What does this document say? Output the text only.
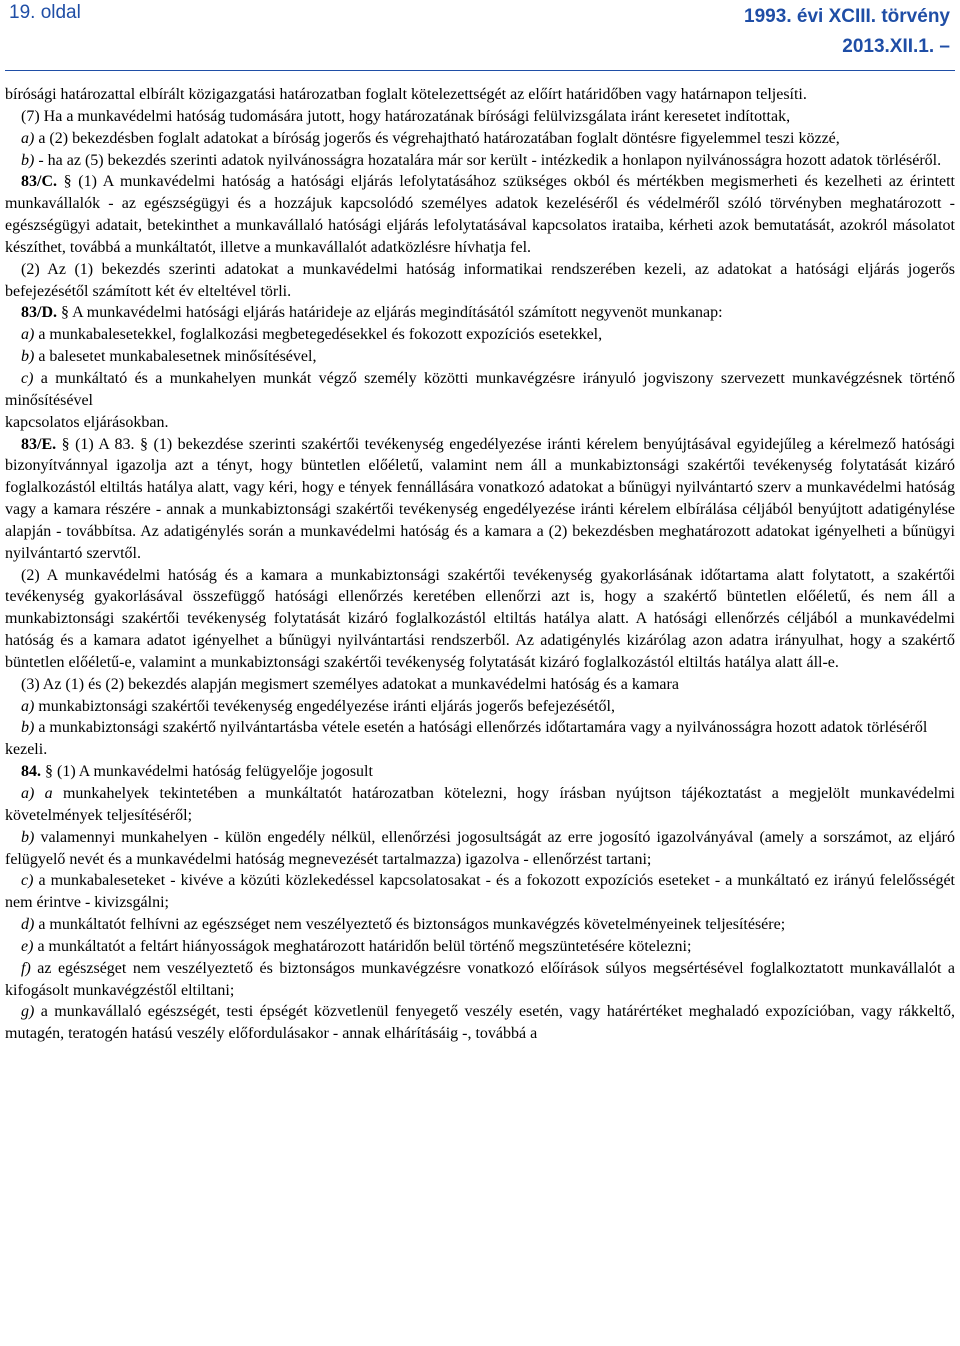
19. oldal	1993. évi XCIII. törvény
2013.XII.1. –

bírósági határozattal elbírált közigazgatási határozatban foglalt kötelezettségét az előírt határidőben vagy határnapon teljesíti.

(7) Ha a munkavédelmi hatóság tudomására jutott, hogy határozatának bírósági felülvizsgálata iránt keresetet indítottak,

a) a (2) bekezdésben foglalt adatokat a bíróság jogerős és végrehajtható határozatában foglalt döntésre figyelemmel teszi közzé,

b) - ha az (5) bekezdés szerinti adatok nyilvánosságra hozatalára már sor került - intézkedik a honlapon nyilvánosságra hozott adatok törléséről.

83/C. § (1) A munkavédelmi hatóság a hatósági eljárás lefolytatásához szükséges okból és mértékben megismerheti és kezelheti az érintett munkavállalók - az egészségügyi és a hozzájuk kapcsolódó személyes adatok kezeléséről és védelméről szóló törvényben meghatározott - egészségügyi adatait, betekinthet a munkavállaló hatósági eljárás lefolytatásával kapcsolatos irataiba, kérheti azok bemutatását, azokról másolatot készíthet, továbbá a munkáltatót, illetve a munkavállalót adatközlésre hívhatja fel.

(2) Az (1) bekezdés szerinti adatokat a munkavédelmi hatóság informatikai rendszerében kezeli, az adatokat a hatósági eljárás jogerős befejezésétől számított két év elteltével törli.

83/D. § A munkavédelmi hatósági eljárás határideje az eljárás megindításától számított negyvenöt munkanap:

a) a munkabalesetekkel, foglalkozási megbetegedésekkel és fokozott expozíciós esetekkel,

b) a balesetet munkabalesetnek minősítésével,

c) a munkáltató és a munkahelyen munkát végző személy közötti munkavégzésre irányuló jogviszony szervezett munkavégzésnek történő minősítésével

kapcsolatos eljárásokban.

83/E. § (1) A 83. § (1) bekezdése szerinti szakértői tevékenység engedélyezése iránti kérelem benyújtásával egyidejűleg a kérelmező hatósági bizonyítvánnyal igazolja azt a tényt, hogy büntetlen előéletű, valamint nem áll a munkabiztonsági szakértői tevékenység folytatását kizáró foglalkozástól eltiltás hatálya alatt, vagy kéri, hogy e tények fennállására vonatkozó adatokat a bűnügyi nyilvántartó szerv a munkavédelmi hatóság vagy a kamara részére - annak a munkabiztonsági szakértői tevékenység engedélyezése iránti kérelem elbírálása céljából benyújtott adatigénylése alapján - továbbítsa. Az adatigénylés során a munkavédelmi hatóság és a kamara a (2) bekezdésben meghatározott adatokat igényelheti a bűnügyi nyilvántartó szervtől.

(2) A munkavédelmi hatóság és a kamara a munkabiztonsági szakértői tevékenység gyakorlásának időtartama alatt folytatott, a szakértői tevékenység gyakorlásával összefüggő hatósági ellenőrzés keretében ellenőrzi azt is, hogy a szakértő büntetlen előéletű, és nem áll a munkabiztonsági szakértői tevékenység folytatását kizáró foglalkozástól eltiltás hatálya alatt. A hatósági ellenőrzés céljából a munkavédelmi hatóság és a kamara adatot igényelhet a bűnügyi nyilvántartási rendszerből. Az adatigénylés kizárólag azon adatra irányulhat, hogy a szakértő büntetlen előéletű-e, valamint a munkabiztonsági szakértői tevékenység folytatását kizáró foglalkozástól eltiltás hatálya alatt áll-e.

(3) Az (1) és (2) bekezdés alapján megismert személyes adatokat a munkavédelmi hatóság és a kamara

a) munkabiztonsági szakértői tevékenység engedélyezése iránti eljárás jogerős befejezésétől,

b) a munkabiztonsági szakértő nyilvántartásba vétele esetén a hatósági ellenőrzés időtartamára vagy a nyilvánosságra hozott adatok törléséről

kezeli.

84. § (1) A munkavédelmi hatóság felügyelője jogosult

a) a munkahelyek tekintetében a munkáltatót határozatban kötelezni, hogy írásban nyújtson tájékoztatást a megjelölt munkavédelmi követelmények teljesítéséről;

b) valamennyi munkahelyen - külön engedély nélkül, ellenőrzési jogosultságát az erre jogosító igazolványával (amely a sorszámot, az eljáró felügyelő nevét és a munkavédelmi hatóság megnevezését tartalmazza) igazolva - ellenőrzést tartani;

c) a munkabaleseteket - kivéve a közúti közlekedéssel kapcsolatosakat - és a fokozott expozíciós eseteket - a munkáltató ez irányú felelősségét nem érintve - kivizsgálni;

d) a munkáltatót felhívni az egészséget nem veszélyeztető és biztonságos munkavégzés követelményeinek teljesítésére;

e) a munkáltatót a feltárt hiányosságok meghatározott határidőn belül történő megszüntetésére kötelezni;

f) az egészséget nem veszélyeztető és biztonságos munkavégzésre vonatkozó előírások súlyos megsértésével foglalkoztatott munkavállalót a kifogásolt munkavégzéstől eltiltani;

g) a munkavállaló egészségét, testi épségét közvetlenül fenyegető veszély esetén, vagy határértéket meghaladó expozícióban, vagy rákkeltő, mutagén, teratogén hatású veszély előfordulásakor - annak elhárításáig -, továbbá a
